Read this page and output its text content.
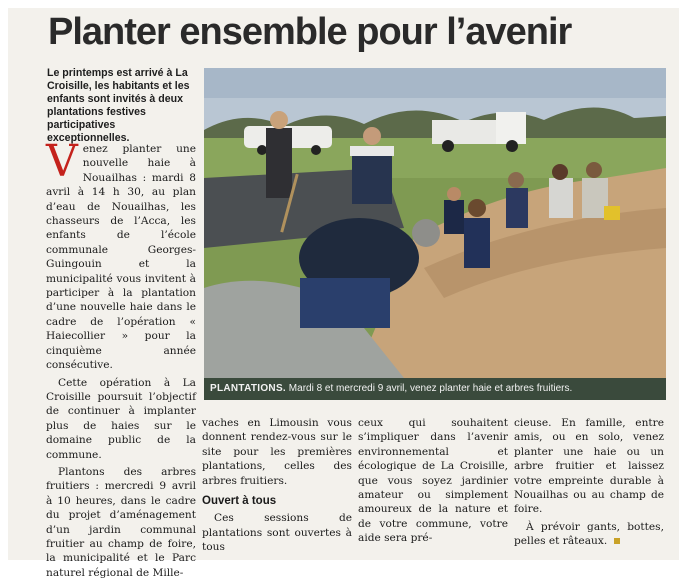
Planter ensemble pour l’avenir
Le printemps est arrivé à La Croisille, les habitants et les enfants sont invités à deux plantations festives participatives exceptionnelles.
PLANTATIONS. Mardi 8 et mercredi 9 avril, venez planter haie et arbres fruitiers.

Venez planter une nouvelle haie à Nouailhas : mardi 8 avril à 14 h 30, au plan d’eau de Nouailhas, les chasseurs de l’Acca, les enfants de l’école communale Georges-Guingouin et la municipalité vous invitent à participer à la plantation d’une nouvelle haie dans le cadre de l’opération « Haiecollier » pour la cinquième année consécutive.

Cette opération à La Croisille poursuit l’objectif de continuer à implanter plus de haies sur le domaine public de la commune.

Plantons des arbres fruitiers : mercredi 9 avril à 10 heures, dans le cadre du projet d’aménagement d’un jardin communal fruitier au champ de foire, la municipalité et le Parc naturel régional de Mille-

vaches en Limousin vous donnent rendez-vous sur le site pour les premières plantations, celles des arbres fruitiers.

Ouvert à tous

Ces sessions de plantations sont ouvertes à tous

ceux qui souhaitent s’impliquer dans l’avenir environnemental et écologique de La Croisille, que vous soyez jardinier amateur ou simplement amoureux de la nature et de votre commune, votre aide sera pré-

cieuse. En famille, entre amis, ou en solo, venez planter une haie ou un arbre fruitier et laissez votre empreinte durable à Nouailhas ou au champ de foire.

À prévoir gants, bottes, pelles et râteaux.
